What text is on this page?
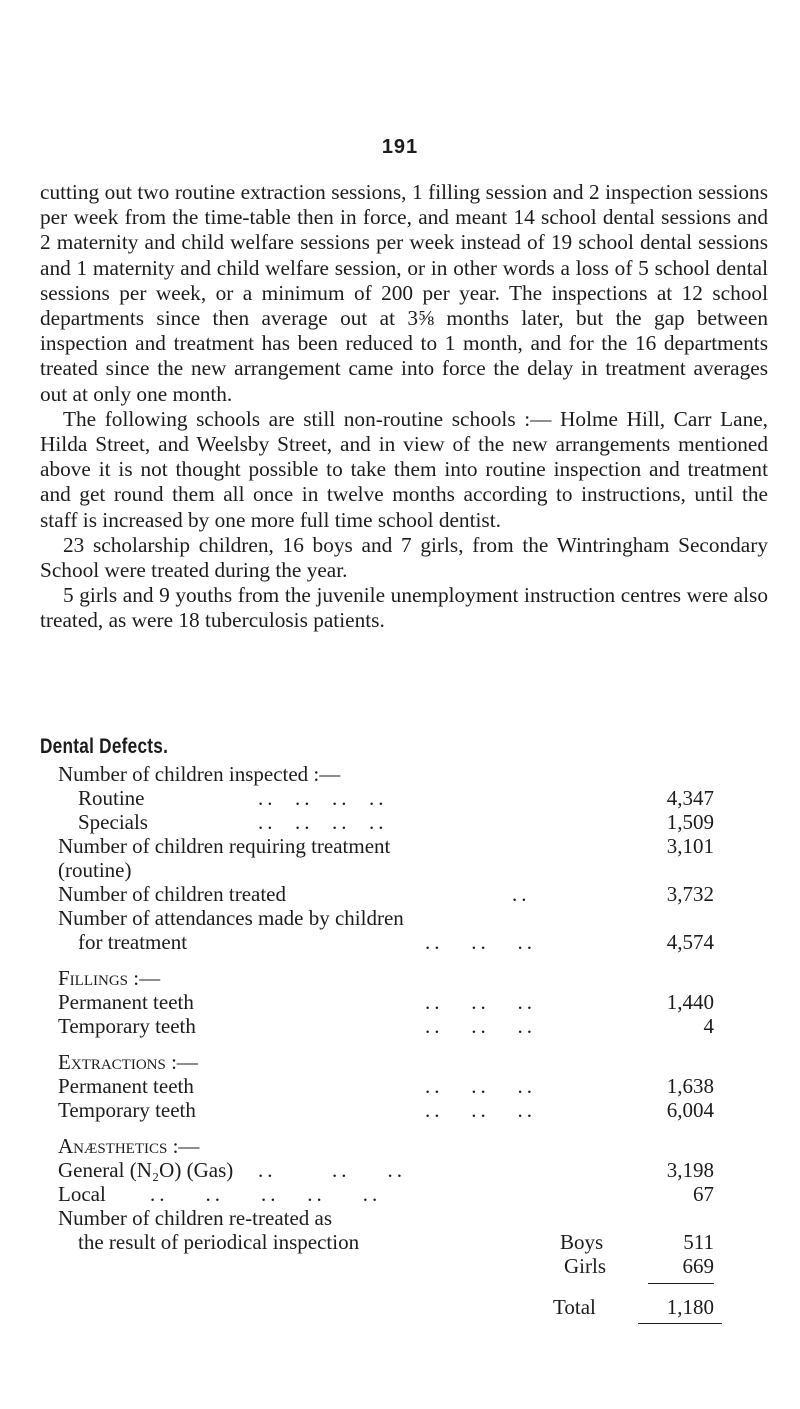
191

cutting out two routine extraction sessions, 1 filling session and 2 inspection sessions per week from the time-table then in force, and meant 14 school dental sessions and 2 maternity and child welfare sessions per week instead of 19 school dental sessions and 1 maternity and child welfare session, or in other words a loss of 5 school dental sessions per week, or a minimum of 200 per year. The inspections at 12 school departments since then average out at 3⅝ months later, but the gap between inspection and treatment has been reduced to 1 month, and for the 16 departments treated since the new arrangement came into force the delay in treatment averages out at only one month.

The following schools are still non-routine schools :— Holme Hill, Carr Lane, Hilda Street, and Weelsby Street, and in view of the new arrangements mentioned above it is not thought possible to take them into routine inspection and treatment and get round them all once in twelve months according to instructions, until the staff is increased by one more full time school dentist.

23 scholarship children, 16 boys and 7 girls, from the Wintringham Secondary School were treated during the year.

5 girls and 9 youths from the juvenile unemployment instruction centres were also treated, as were 18 tuberculosis patients.

Dental Defects.
Number of children inspected :—
Routine	..  ..  ..  ..	4,347
Specials	..  ..  ..  ..	1,509
Number of children requiring treatment	3,101
(routine)
Number of children treated	..	3,732
Number of attendances made by children
for treatment	..   ..   ..	4,574
Fillings :—
Permanent teeth	..   ..   ..	1,440
Temporary teeth	..   ..   ..	4
Extractions :—
Permanent teeth	..   ..   ..	1,638
Temporary teeth	..   ..   ..	6,004
Anæsthetics :—
General (N₂O) (Gas) ..      ..    ..	3,198
Local ..    ..    ..   ..    ..	67
Number of children re-treated as
the result of periodical inspection	Boys	511
Girls	669
Total	1,180
